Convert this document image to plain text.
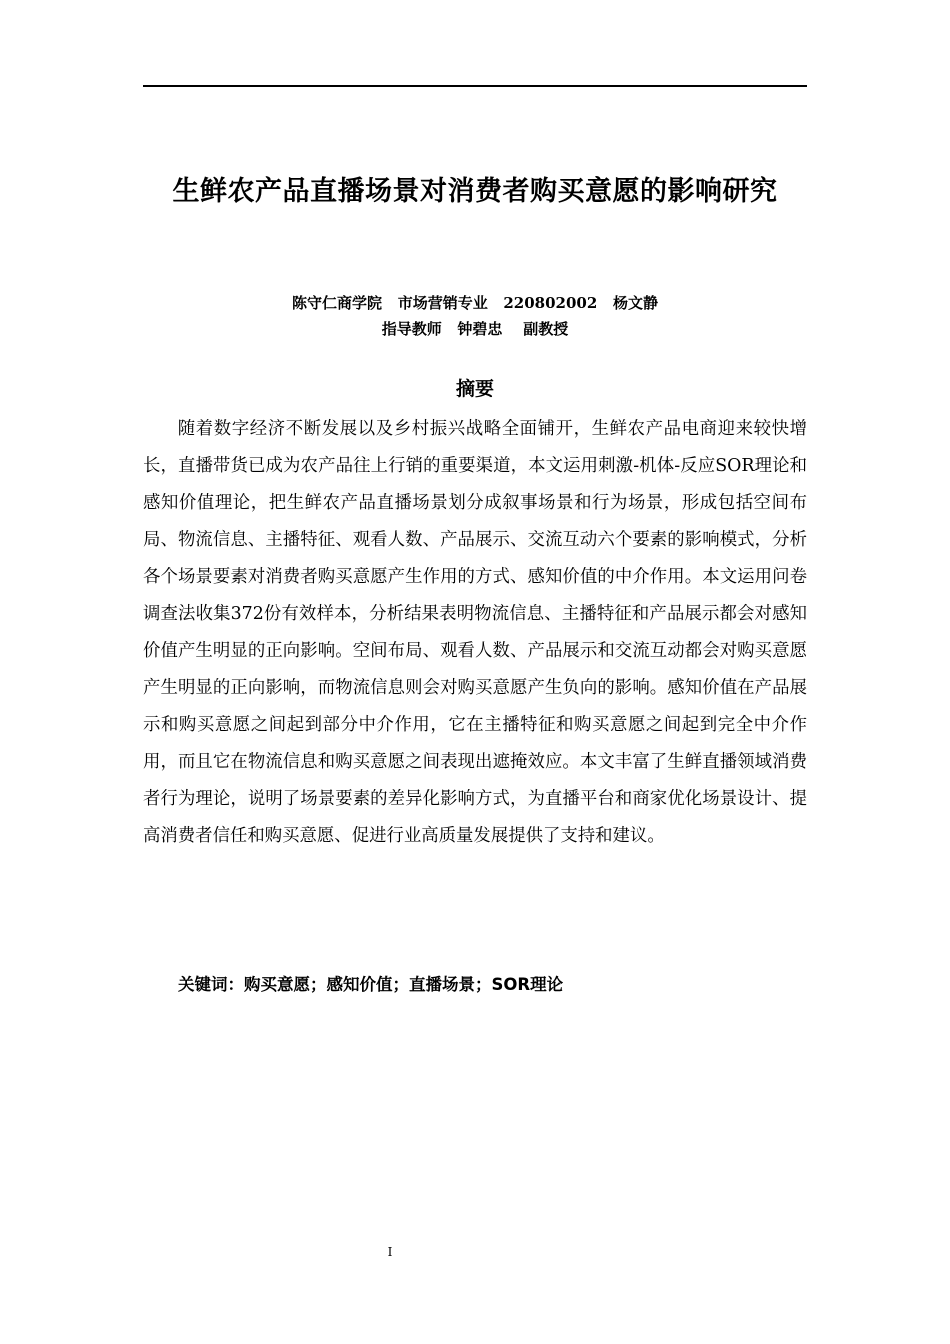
生鲜农产品直播场景对消费者购买意愿的影响研究
陈守仁商学院   市场营销专业   220802002   杨文静
指导教师   钟碧忠    副教授
摘要

随着数字经济不断发展以及乡村振兴战略全面铺开，生鲜农产品电商迎来较快增长，直播带货已成为农产品往上行销的重要渠道，本文运用刺激-机体-反应SOR理论和感知价值理论，把生鲜农产品直播场景划分成叙事场景和行为场景，形成包括空间布局、物流信息、主播特征、观看人数、产品展示、交流互动六个要素的影响模式，分析各个场景要素对消费者购买意愿产生作用的方式、感知价值的中介作用。本文运用问卷调查法收集372份有效样本，分析结果表明物流信息、主播特征和产品展示都会对感知价值产生明显的正向影响。空间布局、观看人数、产品展示和交流互动都会对购买意愿产生明显的正向影响，而物流信息则会对购买意愿产生负向的影响。感知价值在产品展示和购买意愿之间起到部分中介作用，它在主播特征和购买意愿之间起到完全中介作用，而且它在物流信息和购买意愿之间表现出遮掩效应。本文丰富了生鲜直播领域消费者行为理论，说明了场景要素的差异化影响方式，为直播平台和商家优化场景设计、提高消费者信任和购买意愿、促进行业高质量发展提供了支持和建议。

关键词：购买意愿；感知价值；直播场景；SOR理论
I
